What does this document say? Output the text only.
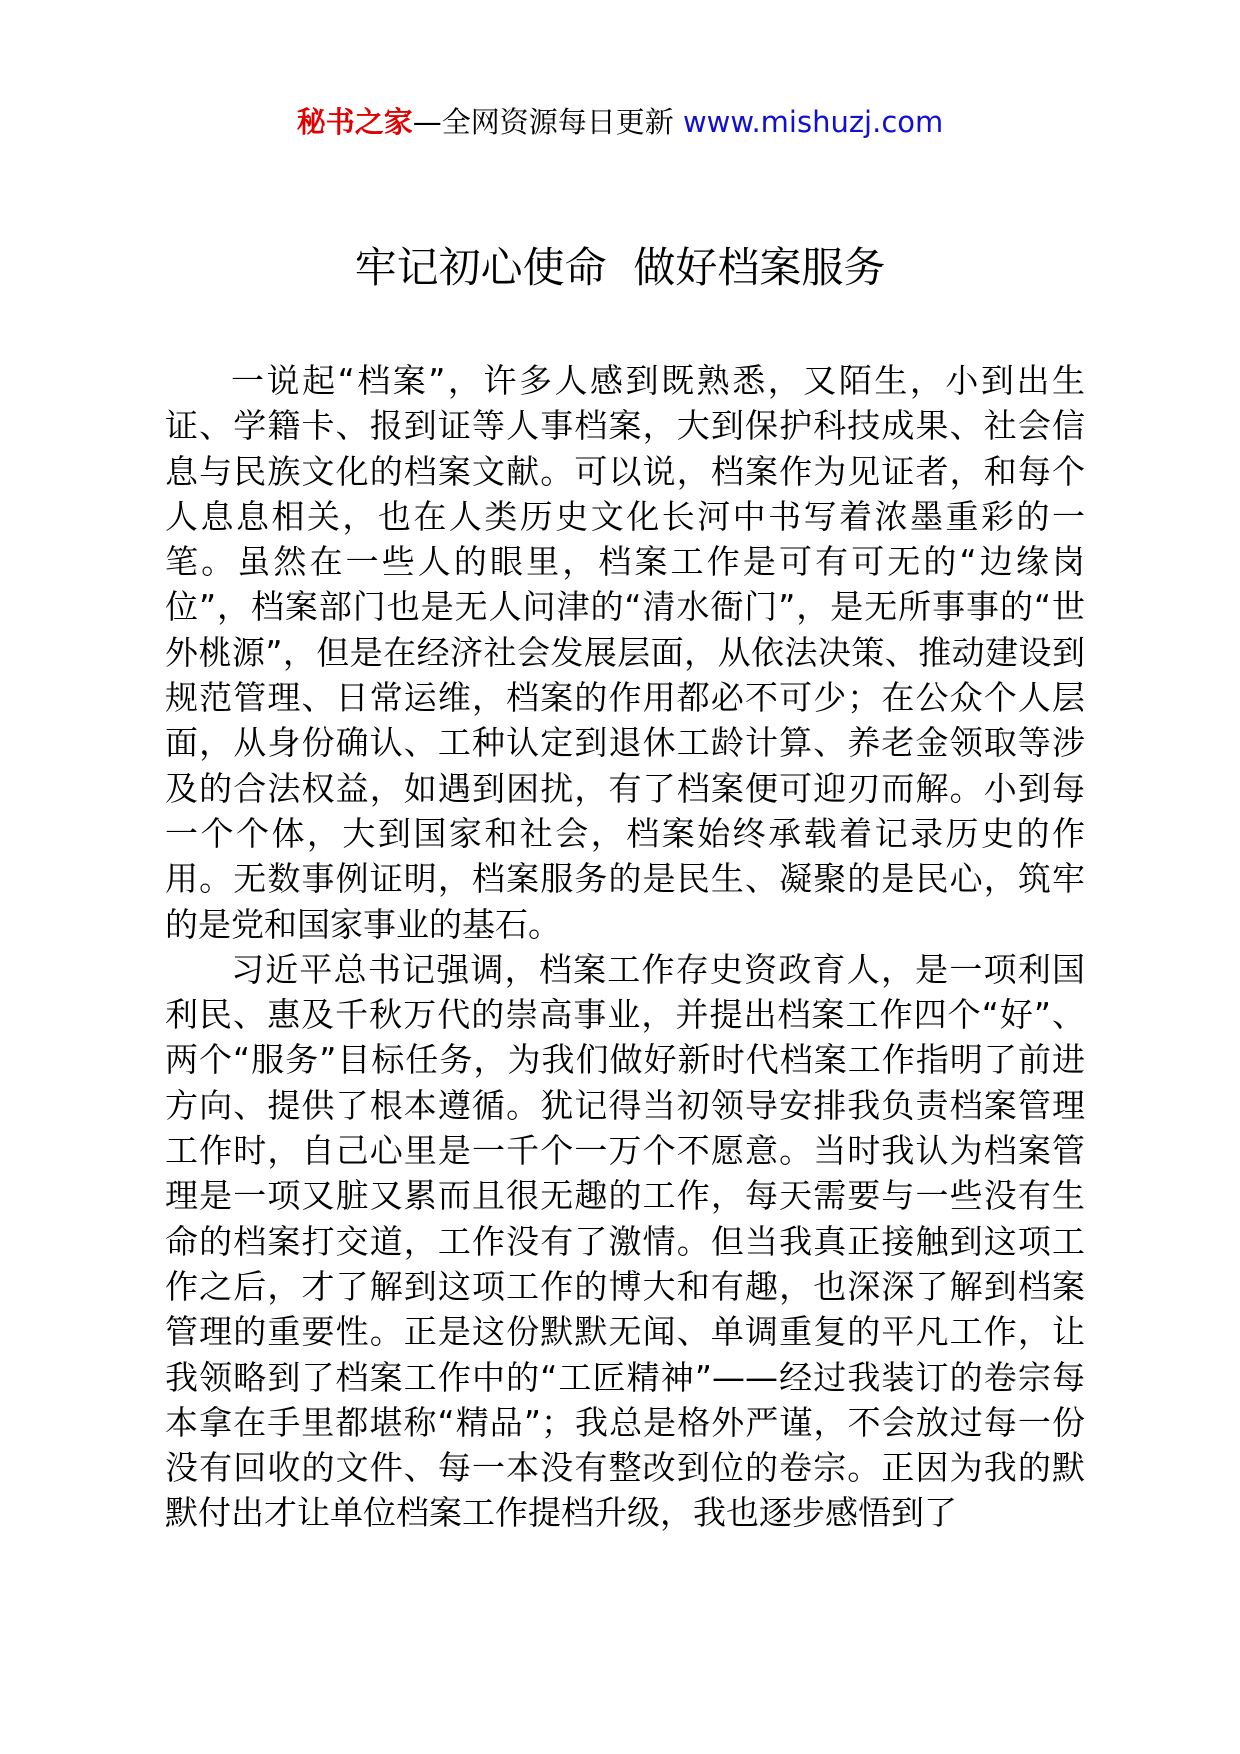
秘书之家—全网资源每日更新 www.mishuzj.com
牢记初心使命  做好档案服务

一说起“档案”，许多人感到既熟悉，又陌生，小到出生证、学籍卡、报到证等人事档案，大到保护科技成果、社会信息与民族文化的档案文献。可以说，档案作为见证者，和每个人息息相关，也在人类历史文化长河中书写着浓墨重彩的一笔。虽然在一些人的眼里，档案工作是可有可无的“边缘岗位”，档案部门也是无人问津的“清水衙门”，是无所事事的“世外桃源”，但是在经济社会发展层面，从依法决策、推动建设到规范管理、日常运维，档案的作用都必不可少；在公众个人层面，从身份确认、工种认定到退休工龄计算、养老金领取等涉及的合法权益，如遇到困扰，有了档案便可迎刃而解。小到每一个个体，大到国家和社会，档案始终承载着记录历史的作用。无数事例证明，档案服务的是民生、凝聚的是民心，筑牢的是党和国家事业的基石。

习近平总书记强调，档案工作存史资政育人，是一项利国利民、惠及千秋万代的崇高事业，并提出档案工作四个“好”、两个“服务”目标任务，为我们做好新时代档案工作指明了前进方向、提供了根本遵循。犹记得当初领导安排我负责档案管理工作时，自己心里是一千个一万个不愿意。当时我认为档案管理是一项又脏又累而且很无趣的工作，每天需要与一些没有生命的档案打交道，工作没有了激情。但当我真正接触到这项工作之后，才了解到这项工作的博大和有趣，也深深了解到档案管理的重要性。正是这份默默无闻、单调重复的平凡工作，让我领略到了档案工作中的“工匠精神”——经过我装订的卷宗每本拿在手里都堪称“精品”；我总是格外严谨，不会放过每一份没有回收的文件、每一本没有整改到位的卷宗。正因为我的默默付出才让单位档案工作提档升级，我也逐步感悟到了
